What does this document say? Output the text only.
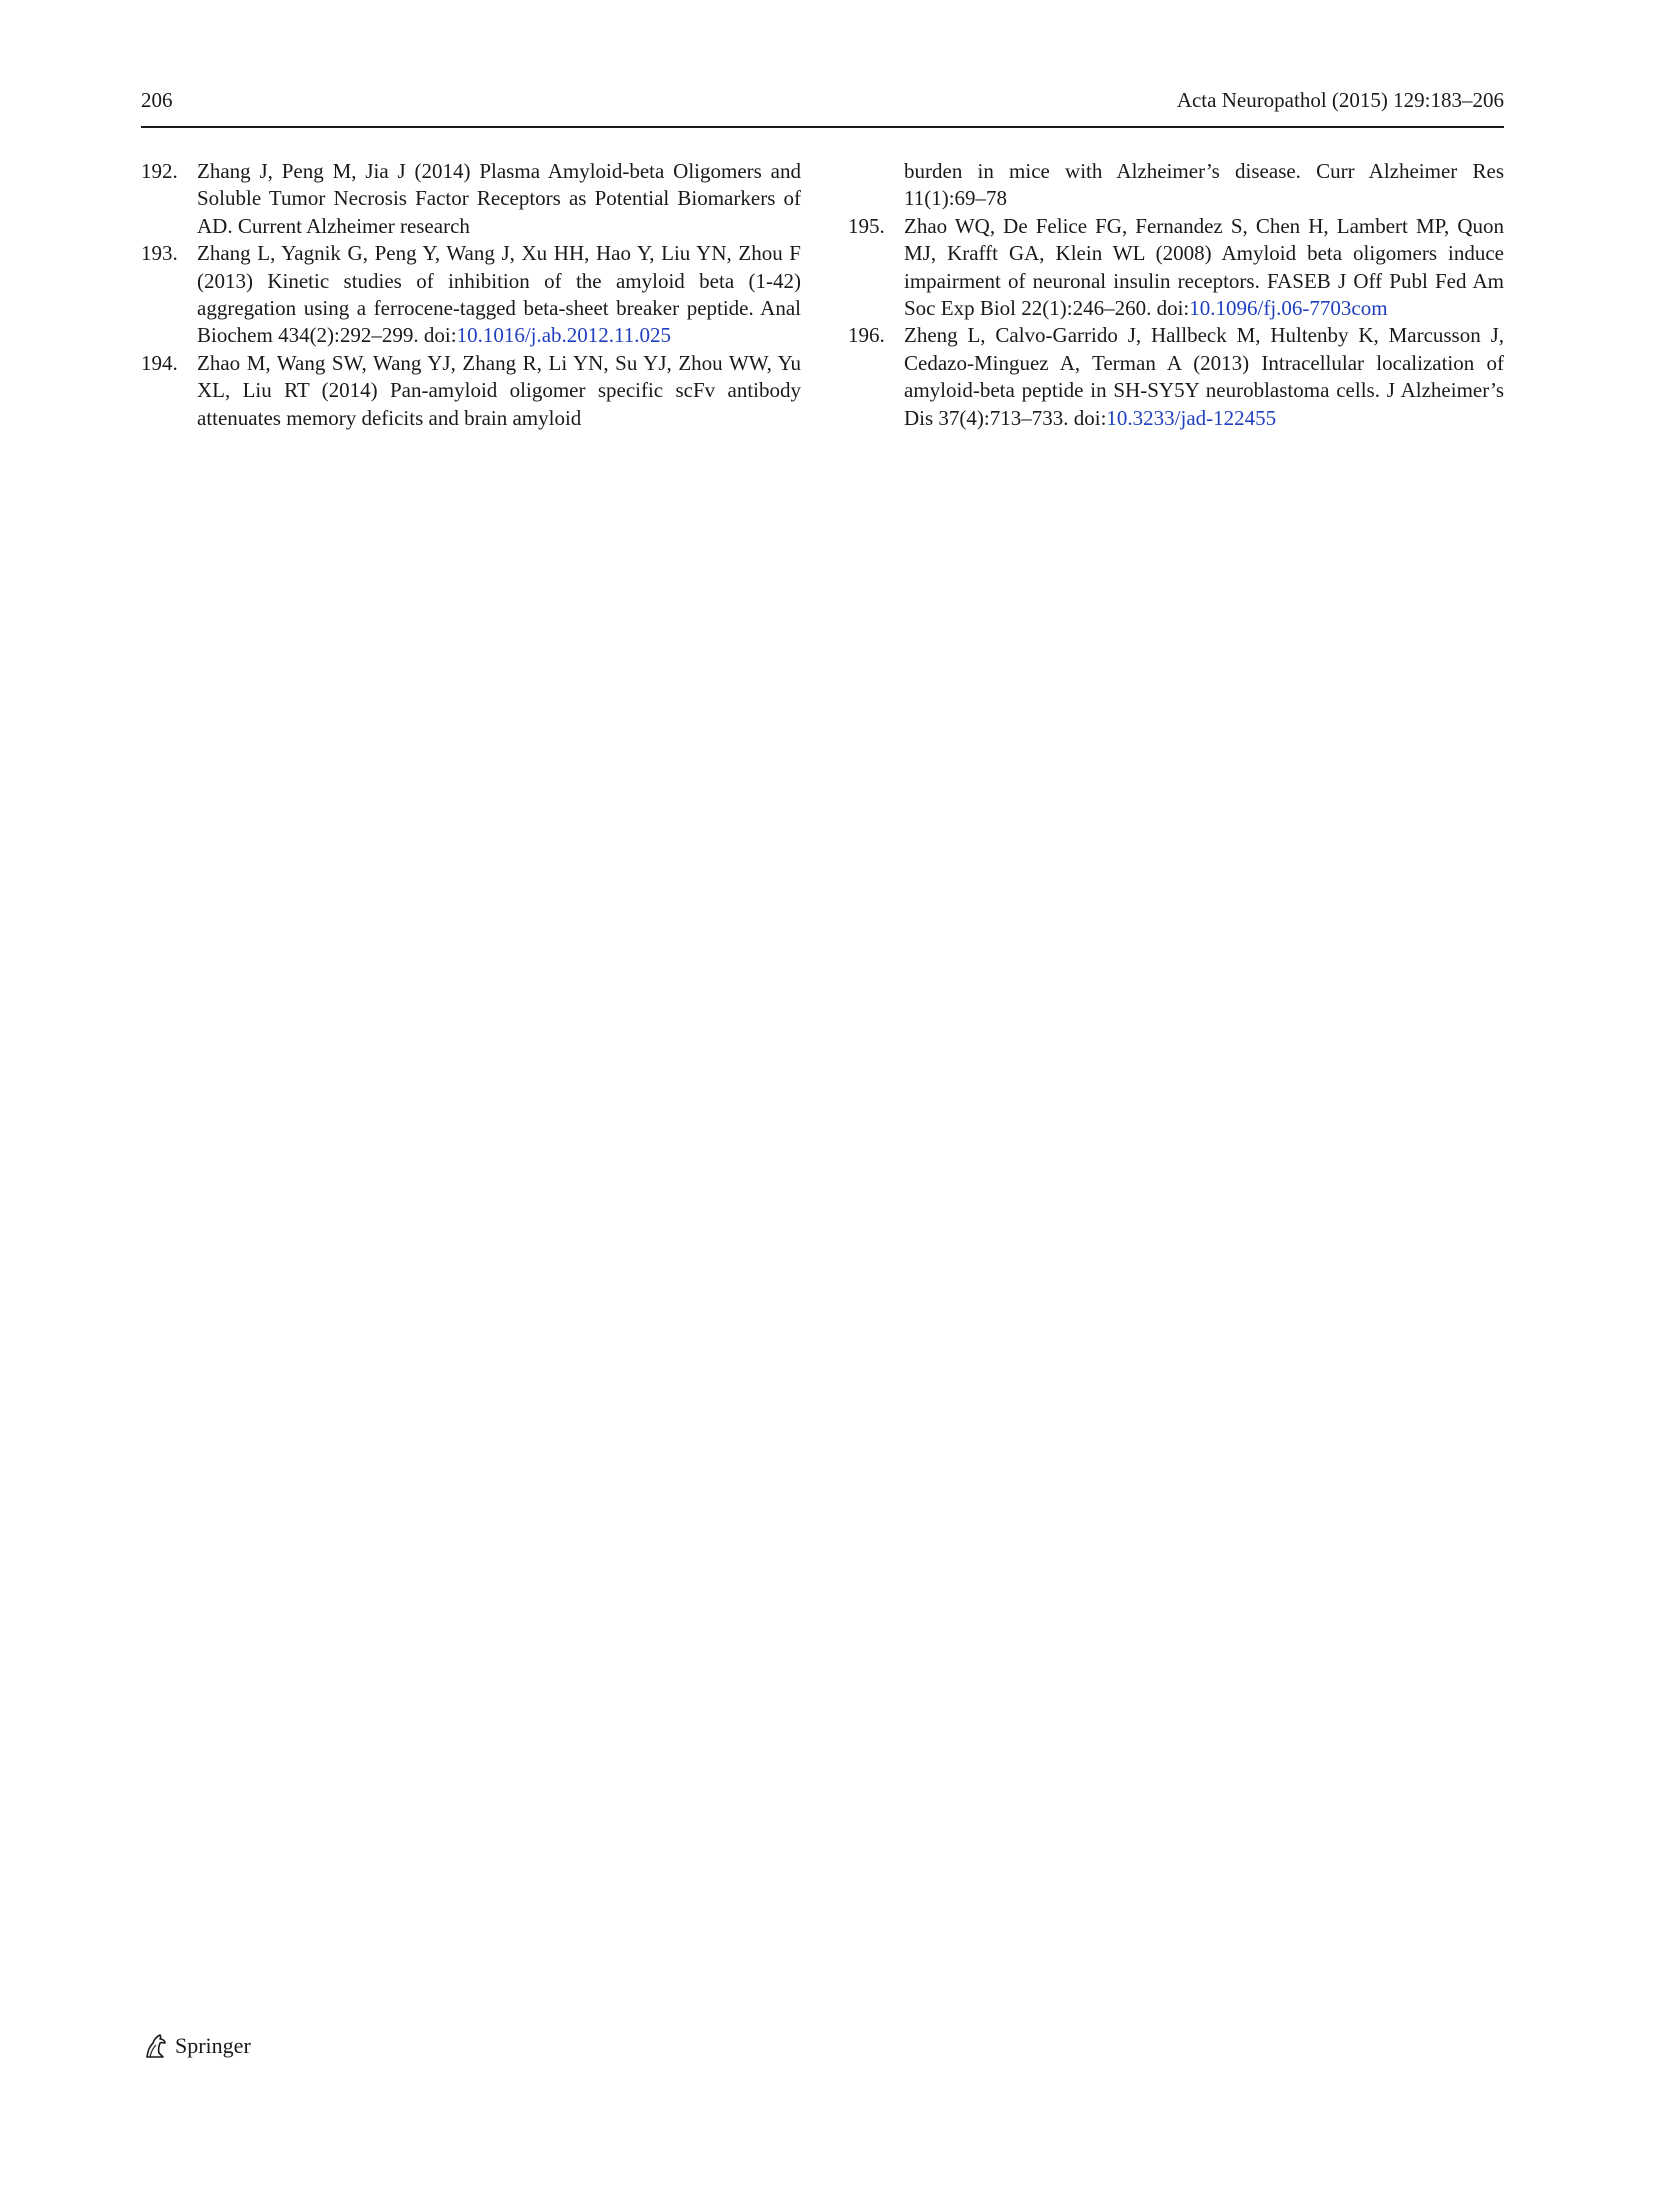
206	Acta Neuropathol (2015) 129:183–206
192. Zhang J, Peng M, Jia J (2014) Plasma Amyloid-beta Oligomers and Soluble Tumor Necrosis Factor Receptors as Potential Biomarkers of AD. Current Alzheimer research
193. Zhang L, Yagnik G, Peng Y, Wang J, Xu HH, Hao Y, Liu YN, Zhou F (2013) Kinetic studies of inhibition of the amyloid beta (1-42) aggregation using a ferrocene-tagged beta-sheet breaker peptide. Anal Biochem 434(2):292–299. doi:10.1016/j.ab.2012.11.025
194. Zhao M, Wang SW, Wang YJ, Zhang R, Li YN, Su YJ, Zhou WW, Yu XL, Liu RT (2014) Pan-amyloid oligomer specific scFv antibody attenuates memory deficits and brain amyloid
burden in mice with Alzheimer’s disease. Curr Alzheimer Res 11(1):69–78
195. Zhao WQ, De Felice FG, Fernandez S, Chen H, Lambert MP, Quon MJ, Krafft GA, Klein WL (2008) Amyloid beta oligomers induce impairment of neuronal insulin receptors. FASEB J Off Publ Fed Am Soc Exp Biol 22(1):246–260. doi:10.1096/fj.06-7703com
196. Zheng L, Calvo-Garrido J, Hallbeck M, Hultenby K, Marcusson J, Cedazo-Minguez A, Terman A (2013) Intracellular localization of amyloid-beta peptide in SH-SY5Y neuroblastoma cells. J Alzheimer’s Dis 37(4):713–733. doi:10.3233/jad-122455
Springer
